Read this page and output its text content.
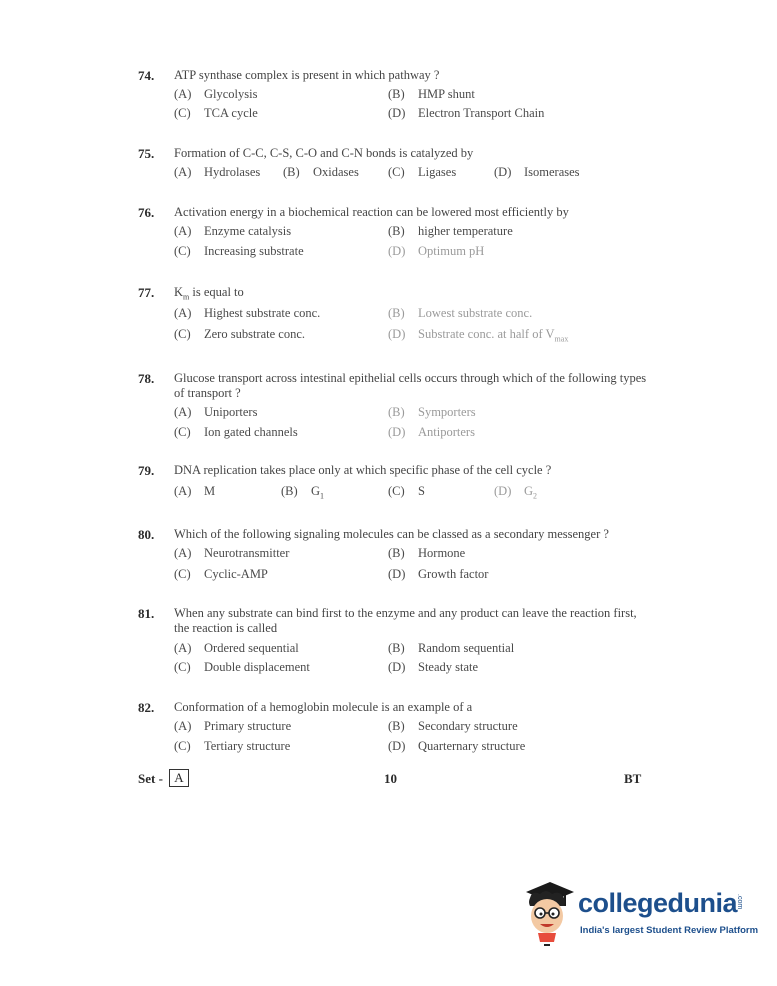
74. ATP synthase complex is present in which pathway ?
(A) Glycolysis	(B) HMP shunt
(C) TCA cycle	(D) Electron Transport Chain
75. Formation of C-C, C-S, C-O and C-N bonds is catalyzed by
(A) Hydrolases (B) Oxidases (C) Ligases	(D) Isomerases
76. Activation energy in a biochemical reaction can be lowered most efficiently by
(A) Enzyme catalysis	(B) higher temperature
(C) Increasing substrate	(D) Optimum pH
77. $K_m$ is equal to
(A) Highest substrate conc.	(B) Lowest substrate conc.
(C) Zero substrate conc.	(D) Substrate conc. at half of $V_{max}$
78. Glucose transport across intestinal epithelial cells occurs through which of the following types of transport ?
(A) Uniporters	(B) Symporters
(C) Ion gated channels	(D) Antiporters
79. DNA replication takes place only at which specific phase of the cell cycle ?
(A) M	(B) $G_1$	(C) S	(D) $G_2$
80. Which of the following signaling molecules can be classed as a secondary messenger ?
(A) Neurotransmitter	(B) Hormone
(C) Cyclic-AMP	(D) Growth factor
81. When any substrate can bind first to the enzyme and any product can leave the reaction first, the reaction is called
(A) Ordered sequential	(B) Random sequential
(C) Double displacement	(D) Steady state
82. Conformation of a hemoglobin molecule is an example of a
(A) Primary structure	(B) Secondary structure
(C) Tertiary structure	(D) Quarternary structure
Set - A	10	BT
collegedunia
.com
India's largest Student Review Platform
